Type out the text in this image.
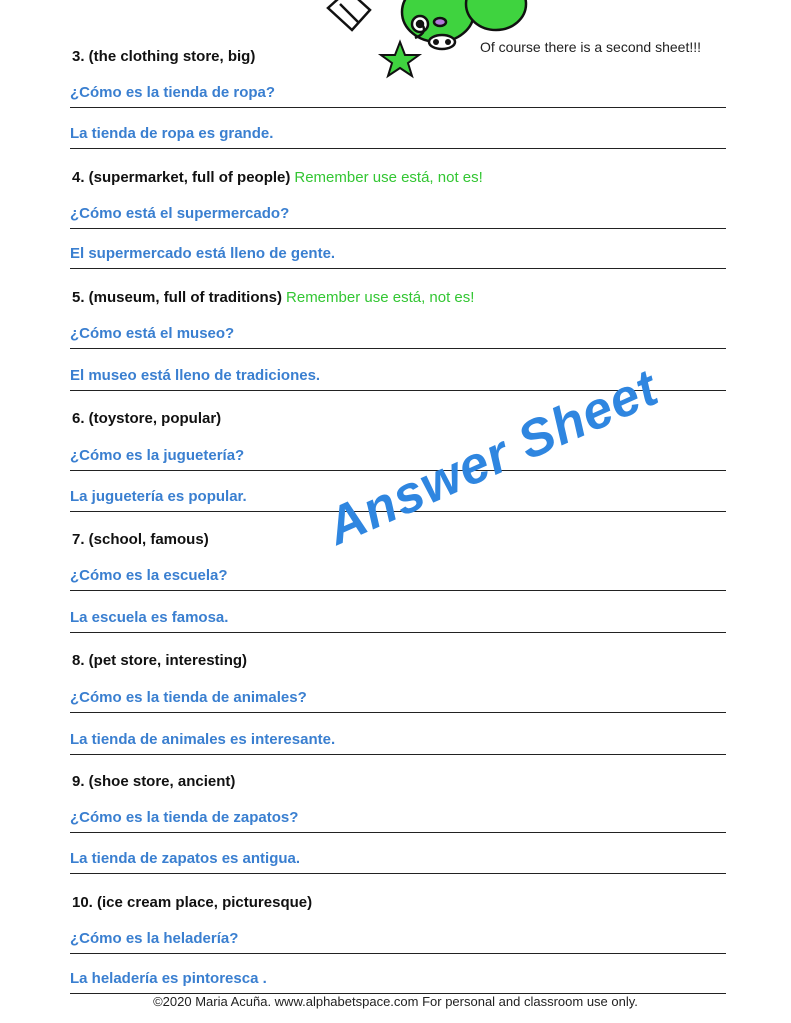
Of course there is a second sheet!!!
3. (the clothing store, big)
¿Cómo es la tienda de ropa?
La tienda de ropa es grande.
4. (supermarket, full of people) Remember use está, not es!
¿Cómo está el supermercado?
El supermercado está lleno de gente.
5. (museum, full of traditions) Remember use está, not es!
¿Cómo está el museo?
El museo está lleno de tradiciones.
6. (toystore, popular)
¿Cómo es la juguetería?
La juguetería es popular.
7. (school, famous)
¿Cómo es la escuela?
La escuela es famosa.
8. (pet store, interesting)
¿Cómo es la tienda de animales?
La tienda de animales es interesante.
9. (shoe store, ancient)
¿Cómo es la tienda de zapatos?
La tienda de zapatos es antigua.
10. (ice cream place, picturesque)
¿Cómo es la heladería?
La heladería es pintoresca .
Answer Sheet
©2020 Maria Acuña. www.alphabetspace.com For personal and classroom use only.
